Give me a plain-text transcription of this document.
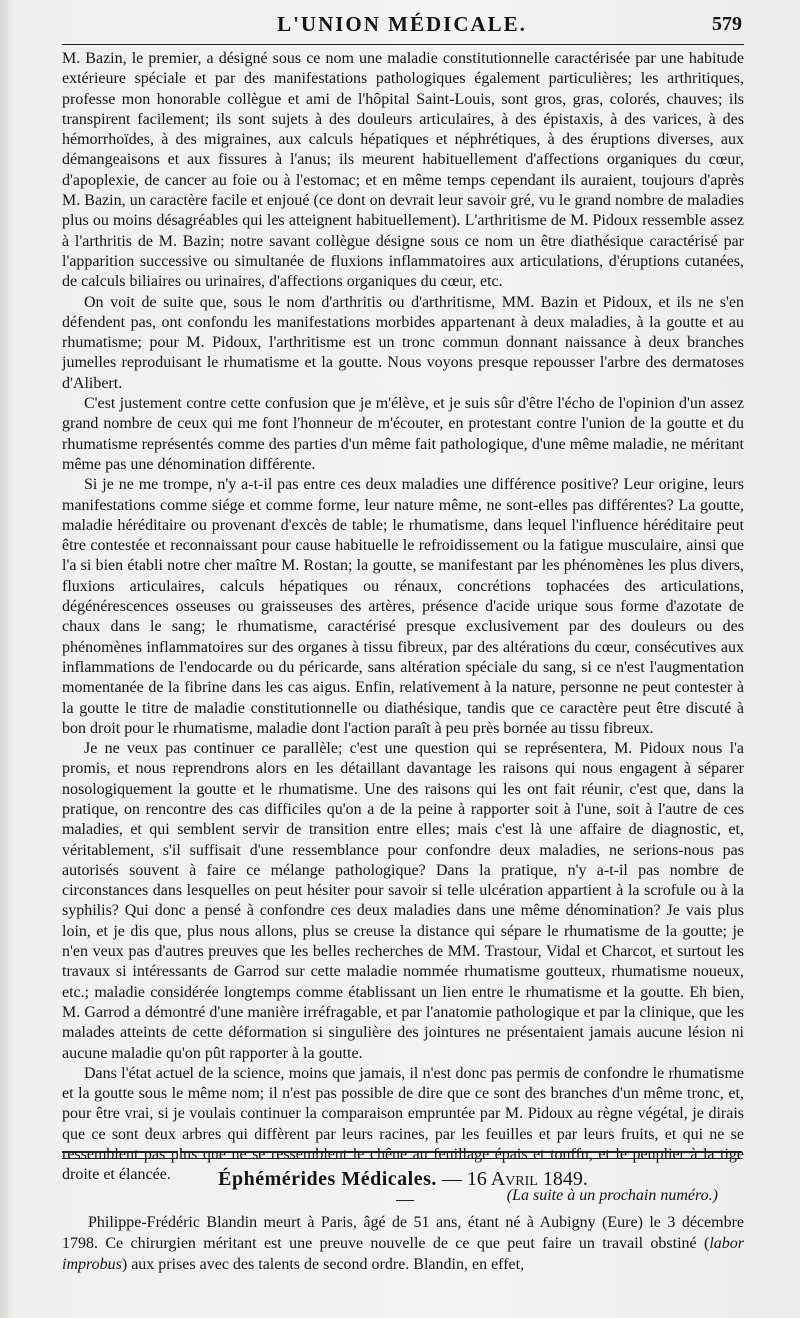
L'UNION MÉDICALE.	579

M. Bazin, le premier, a désigné sous ce nom une maladie constitutionnelle caractérisée par une habitude extérieure spéciale et par des manifestations pathologiques également particulières; les arthritiques, professe mon honorable collègue et ami de l'hôpital Saint-Louis, sont gros, gras, colorés, chauves; ils transpirent facilement; ils sont sujets à des douleurs articulaires, à des épistaxis, à des varices, à des hémorrhoïdes, à des migraines, aux calculs hépatiques et néphrétiques, à des éruptions diverses, aux démangeaisons et aux fissures à l'anus; ils meurent habituellement d'affections organiques du cœur, d'apoplexie, de cancer au foie ou à l'estomac; et en même temps cependant ils auraient, toujours d'après M. Bazin, un caractère facile et enjoué (ce dont on devrait leur savoir gré, vu le grand nombre de maladies plus ou moins désagréables qui les atteignent habituellement). L'arthritisme de M. Pidoux ressemble assez à l'arthritis de M. Bazin; notre savant collègue désigne sous ce nom un être diathésique caractérisé par l'apparition successive ou simultanée de fluxions inflammatoires aux articulations, d'éruptions cutanées, de calculs biliaires ou urinaires, d'affections organiques du cœur, etc.

On voit de suite que, sous le nom d'arthritis ou d'arthritisme, MM. Bazin et Pidoux, et ils ne s'en défendent pas, ont confondu les manifestations morbides appartenant à deux maladies, à la goutte et au rhumatisme; pour M. Pidoux, l'arthritisme est un tronc commun donnant naissance à deux branches jumelles reproduisant le rhumatisme et la goutte. Nous voyons presque repousser l'arbre des dermatoses d'Alibert.

C'est justement contre cette confusion que je m'élève, et je suis sûr d'être l'écho de l'opinion d'un assez grand nombre de ceux qui me font l'honneur de m'écouter, en protestant contre l'union de la goutte et du rhumatisme représentés comme des parties d'un même fait pathologique, d'une même maladie, ne méritant même pas une dénomination différente.

Si je ne me trompe, n'y a-t-il pas entre ces deux maladies une différence positive? Leur origine, leurs manifestations comme siége et comme forme, leur nature même, ne sont-elles pas différentes? La goutte, maladie héréditaire ou provenant d'excès de table; le rhumatisme, dans lequel l'influence héréditaire peut être contestée et reconnaissant pour cause habituelle le refroidissement ou la fatigue musculaire, ainsi que l'a si bien établi notre cher maître M. Rostan; la goutte, se manifestant par les phénomènes les plus divers, fluxions articulaires, calculs hépatiques ou rénaux, concrétions tophacées des articulations, dégénérescences osseuses ou graisseuses des artères, présence d'acide urique sous forme d'azotate de chaux dans le sang; le rhumatisme, caractérisé presque exclusivement par des douleurs ou des phénomènes inflammatoires sur des organes à tissu fibreux, par des altérations du cœur, consécutives aux inflammations de l'endocarde ou du péricarde, sans altération spéciale du sang, si ce n'est l'augmentation momentanée de la fibrine dans les cas aigus. Enfin, relativement à la nature, personne ne peut contester à la goutte le titre de maladie constitutionnelle ou diathésique, tandis que ce caractère peut être discuté à bon droit pour le rhumatisme, maladie dont l'action paraît à peu près bornée au tissu fibreux.

Je ne veux pas continuer ce parallèle; c'est une question qui se représentera, M. Pidoux nous l'a promis, et nous reprendrons alors en les détaillant davantage les raisons qui nous engagent à séparer nosologiquement la goutte et le rhumatisme. Une des raisons qui les ont fait réunir, c'est que, dans la pratique, on rencontre des cas difficiles qu'on a de la peine à rapporter soit à l'une, soit à l'autre de ces maladies, et qui semblent servir de transition entre elles; mais c'est là une affaire de diagnostic, et, véritablement, s'il suffisait d'une ressemblance pour confondre deux maladies, ne serions-nous pas autorisés souvent à faire ce mélange pathologique? Dans la pratique, n'y a-t-il pas nombre de circonstances dans lesquelles on peut hésiter pour savoir si telle ulcération appartient à la scrofule ou à la syphilis? Qui donc a pensé à confondre ces deux maladies dans une même dénomination? Je vais plus loin, et je dis que, plus nous allons, plus se creuse la distance qui sépare le rhumatisme de la goutte; je n'en veux pas d'autres preuves que les belles recherches de MM. Trastour, Vidal et Charcot, et surtout les travaux si intéressants de Garrod sur cette maladie nommée rhumatisme goutteux, rhumatisme noueux, etc.; maladie considérée longtemps comme établissant un lien entre le rhumatisme et la goutte. Eh bien, M. Garrod a démontré d'une manière irréfragable, et par l'anatomie pathologique et par la clinique, que les malades atteints de cette déformation si singulière des jointures ne présentaient jamais aucune lésion ni aucune maladie qu'on pût rapporter à la goutte.

Dans l'état actuel de la science, moins que jamais, il n'est donc pas permis de confondre le rhumatisme et la goutte sous le même nom; il n'est pas possible de dire que ce sont des branches d'un même tronc, et, pour être vrai, si je voulais continuer la comparaison empruntée par M. Pidoux au règne végétal, je dirais que ce sont deux arbres qui diffèrent par leurs racines, par les feuilles et par leurs fruits, et qui ne se ressemblent pas plus que ne se ressemblent le chêne au feuillage épais et touffu, et le peuplier à la tige droite et élancée.

(La suite à un prochain numéro.)
Éphémérides Médicales. — 16 Avril 1849.

Philippe-Frédéric Blandin meurt à Paris, âgé de 51 ans, étant né à Aubigny (Eure) le 3 décembre 1798. Ce chirurgien méritant est une preuve nouvelle de ce que peut faire un travail obstiné (labor improbus) aux prises avec des talents de second ordre. Blandin, en effet,
